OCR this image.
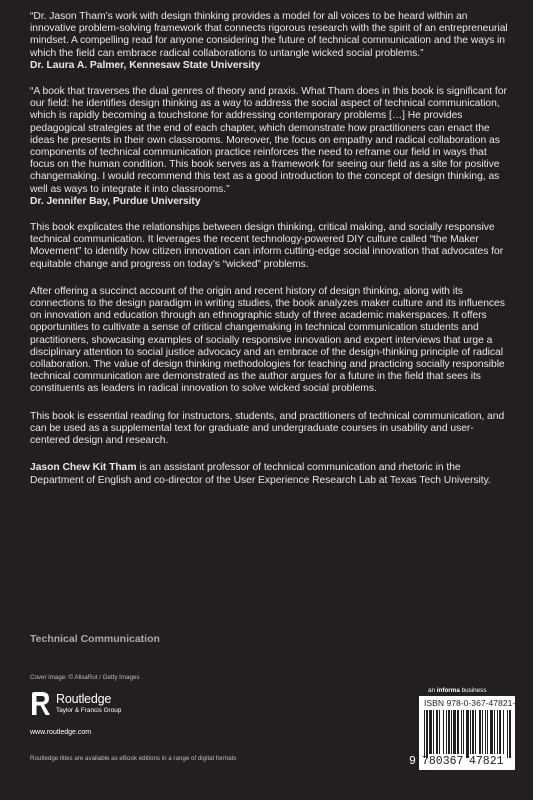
“Dr. Jason Tham’s work with design thinking provides a model for all voices to be heard within an innovative problem-solving framework that connects rigorous research with the spirit of an entrepreneurial mindset. A compelling read for anyone considering the future of technical communication and the ways in which the field can embrace radical collaborations to untangle wicked social problems.”
Dr. Laura A. Palmer, Kennesaw State University

“A book that traverses the dual genres of theory and praxis. What Tham does in this book is significant for our field: he identifies design thinking as a way to address the social aspect of technical communication, which is rapidly becoming a touchstone for addressing contemporary problems […] He provides pedagogical strategies at the end of each chapter, which demonstrate how practitioners can enact the ideas he presents in their own classrooms. Moreover, the focus on empathy and radical collaboration as components of technical communication practice reinforces the need to reframe our field in ways that focus on the human condition. This book serves as a framework for seeing our field as a site for positive changemaking. I would recommend this text as a good introduction to the concept of design thinking, as well as ways to integrate it into classrooms.”
Dr. Jennifer Bay, Purdue University

This book explicates the relationships between design thinking, critical making, and socially responsive technical communication. It leverages the recent technology-powered DIY culture called “the Maker Movement” to identify how citizen innovation can inform cutting-edge social innovation that advocates for equitable change and progress on today’s “wicked” problems.

After offering a succinct account of the origin and recent history of design thinking, along with its connections to the design paradigm in writing studies, the book analyzes maker culture and its influences on innovation and education through an ethnographic study of three academic makerspaces. It offers opportunities to cultivate a sense of critical changemaking in technical communication students and practitioners, showcasing examples of socially responsive innovation and expert interviews that urge a disciplinary attention to social justice advocacy and an embrace of the design-thinking principle of radical collaboration. The value of design thinking methodologies for teaching and practicing socially responsible technical communication are demonstrated as the author argues for a future in the field that sees its constituents as leaders in radical innovation to solve wicked social problems.

This book is essential reading for instructors, students, and practitioners of technical communication, and can be used as a supplemental text for graduate and undergraduate courses in usability and user-centered design and research.

Jason Chew Kit Tham is an assistant professor of technical communication and rhetoric in the Department of English and co-director of the User Experience Research Lab at Texas Tech University.

Technical Communication
Cover image: © AlisaRut / Getty Images
Routledge
Taylor & Francis Group
www.routledge.com
Routledge titles are available as eBook editions in a range of digital formats
an informa business
ISBN 978-0-367-47821-6
9 780367 47821
